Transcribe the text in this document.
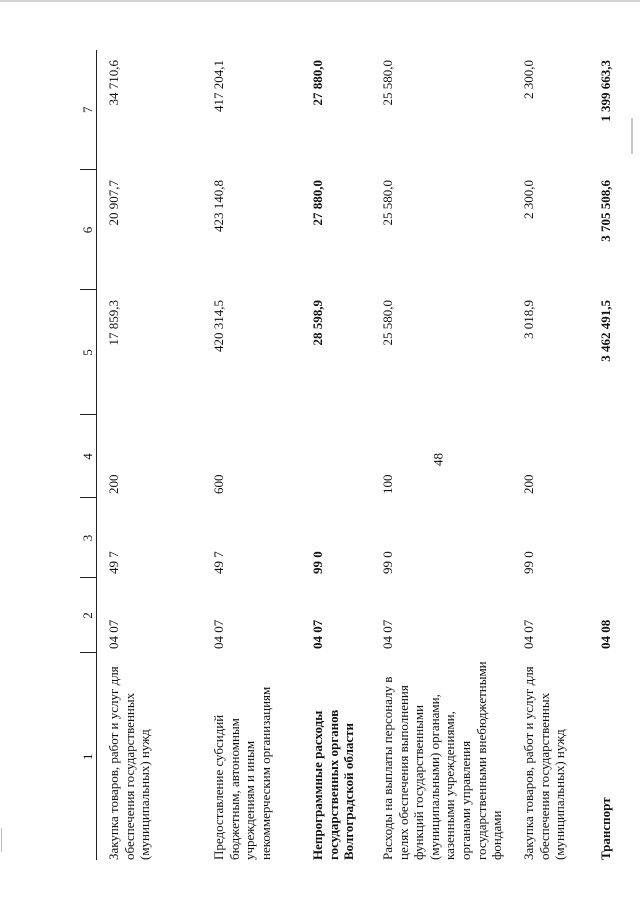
48
1	2	3	4	5	6	7
Закупка товаров, работ и услуг для обеспечения государственных (муниципальных) нужд	04 07	49 7	200	17 859,3	20 907,7	34 710,6
Предоставление субсидий бюджетным, автономным учреждениям и иным некоммерческим организациям	04 07	49 7	600	420 314,5	423 140,8	417 204,1
Непрограммные расходы государственных органов Волгоградской области	04 07	99 0		28 598,9	27 880,0	27 880,0
Расходы на выплаты персоналу в целях обеспечения выполнения функций государственными (муниципальными) органами, казенными учреждениями, органами управления государственными внебюджетными фондами	04 07	99 0	100	25 580,0	25 580,0	25 580,0
Закупка товаров, работ и услуг для обеспечения государственных (муниципальных) нужд	04 07	99 0	200	3 018,9	2 300,0	2 300,0
Транспорт	04 08			3 462 491,5	3 705 508,6	1 399 663,3
